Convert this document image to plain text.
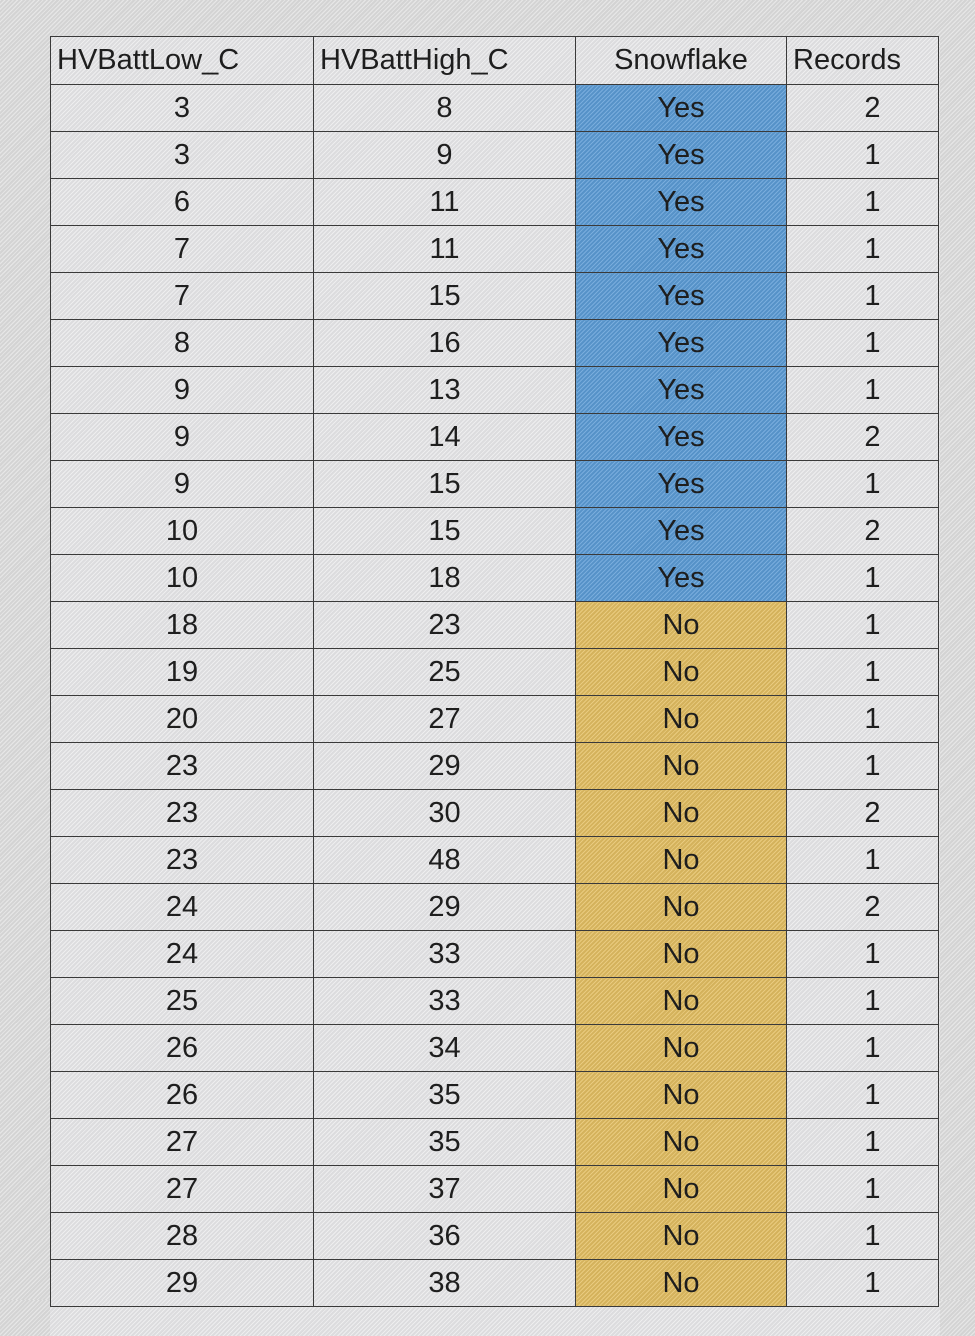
HVBattLow_C	HVBattHigh_C	Snowflake	Records
3	8	Yes	2
3	9	Yes	1
6	11	Yes	1
7	11	Yes	1
7	15	Yes	1
8	16	Yes	1
9	13	Yes	1
9	14	Yes	2
9	15	Yes	1
10	15	Yes	2
10	18	Yes	1
18	23	No	1
19	25	No	1
20	27	No	1
23	29	No	1
23	30	No	2
23	48	No	1
24	29	No	2
24	33	No	1
25	33	No	1
26	34	No	1
26	35	No	1
27	35	No	1
27	37	No	1
28	36	No	1
29	38	No	1
